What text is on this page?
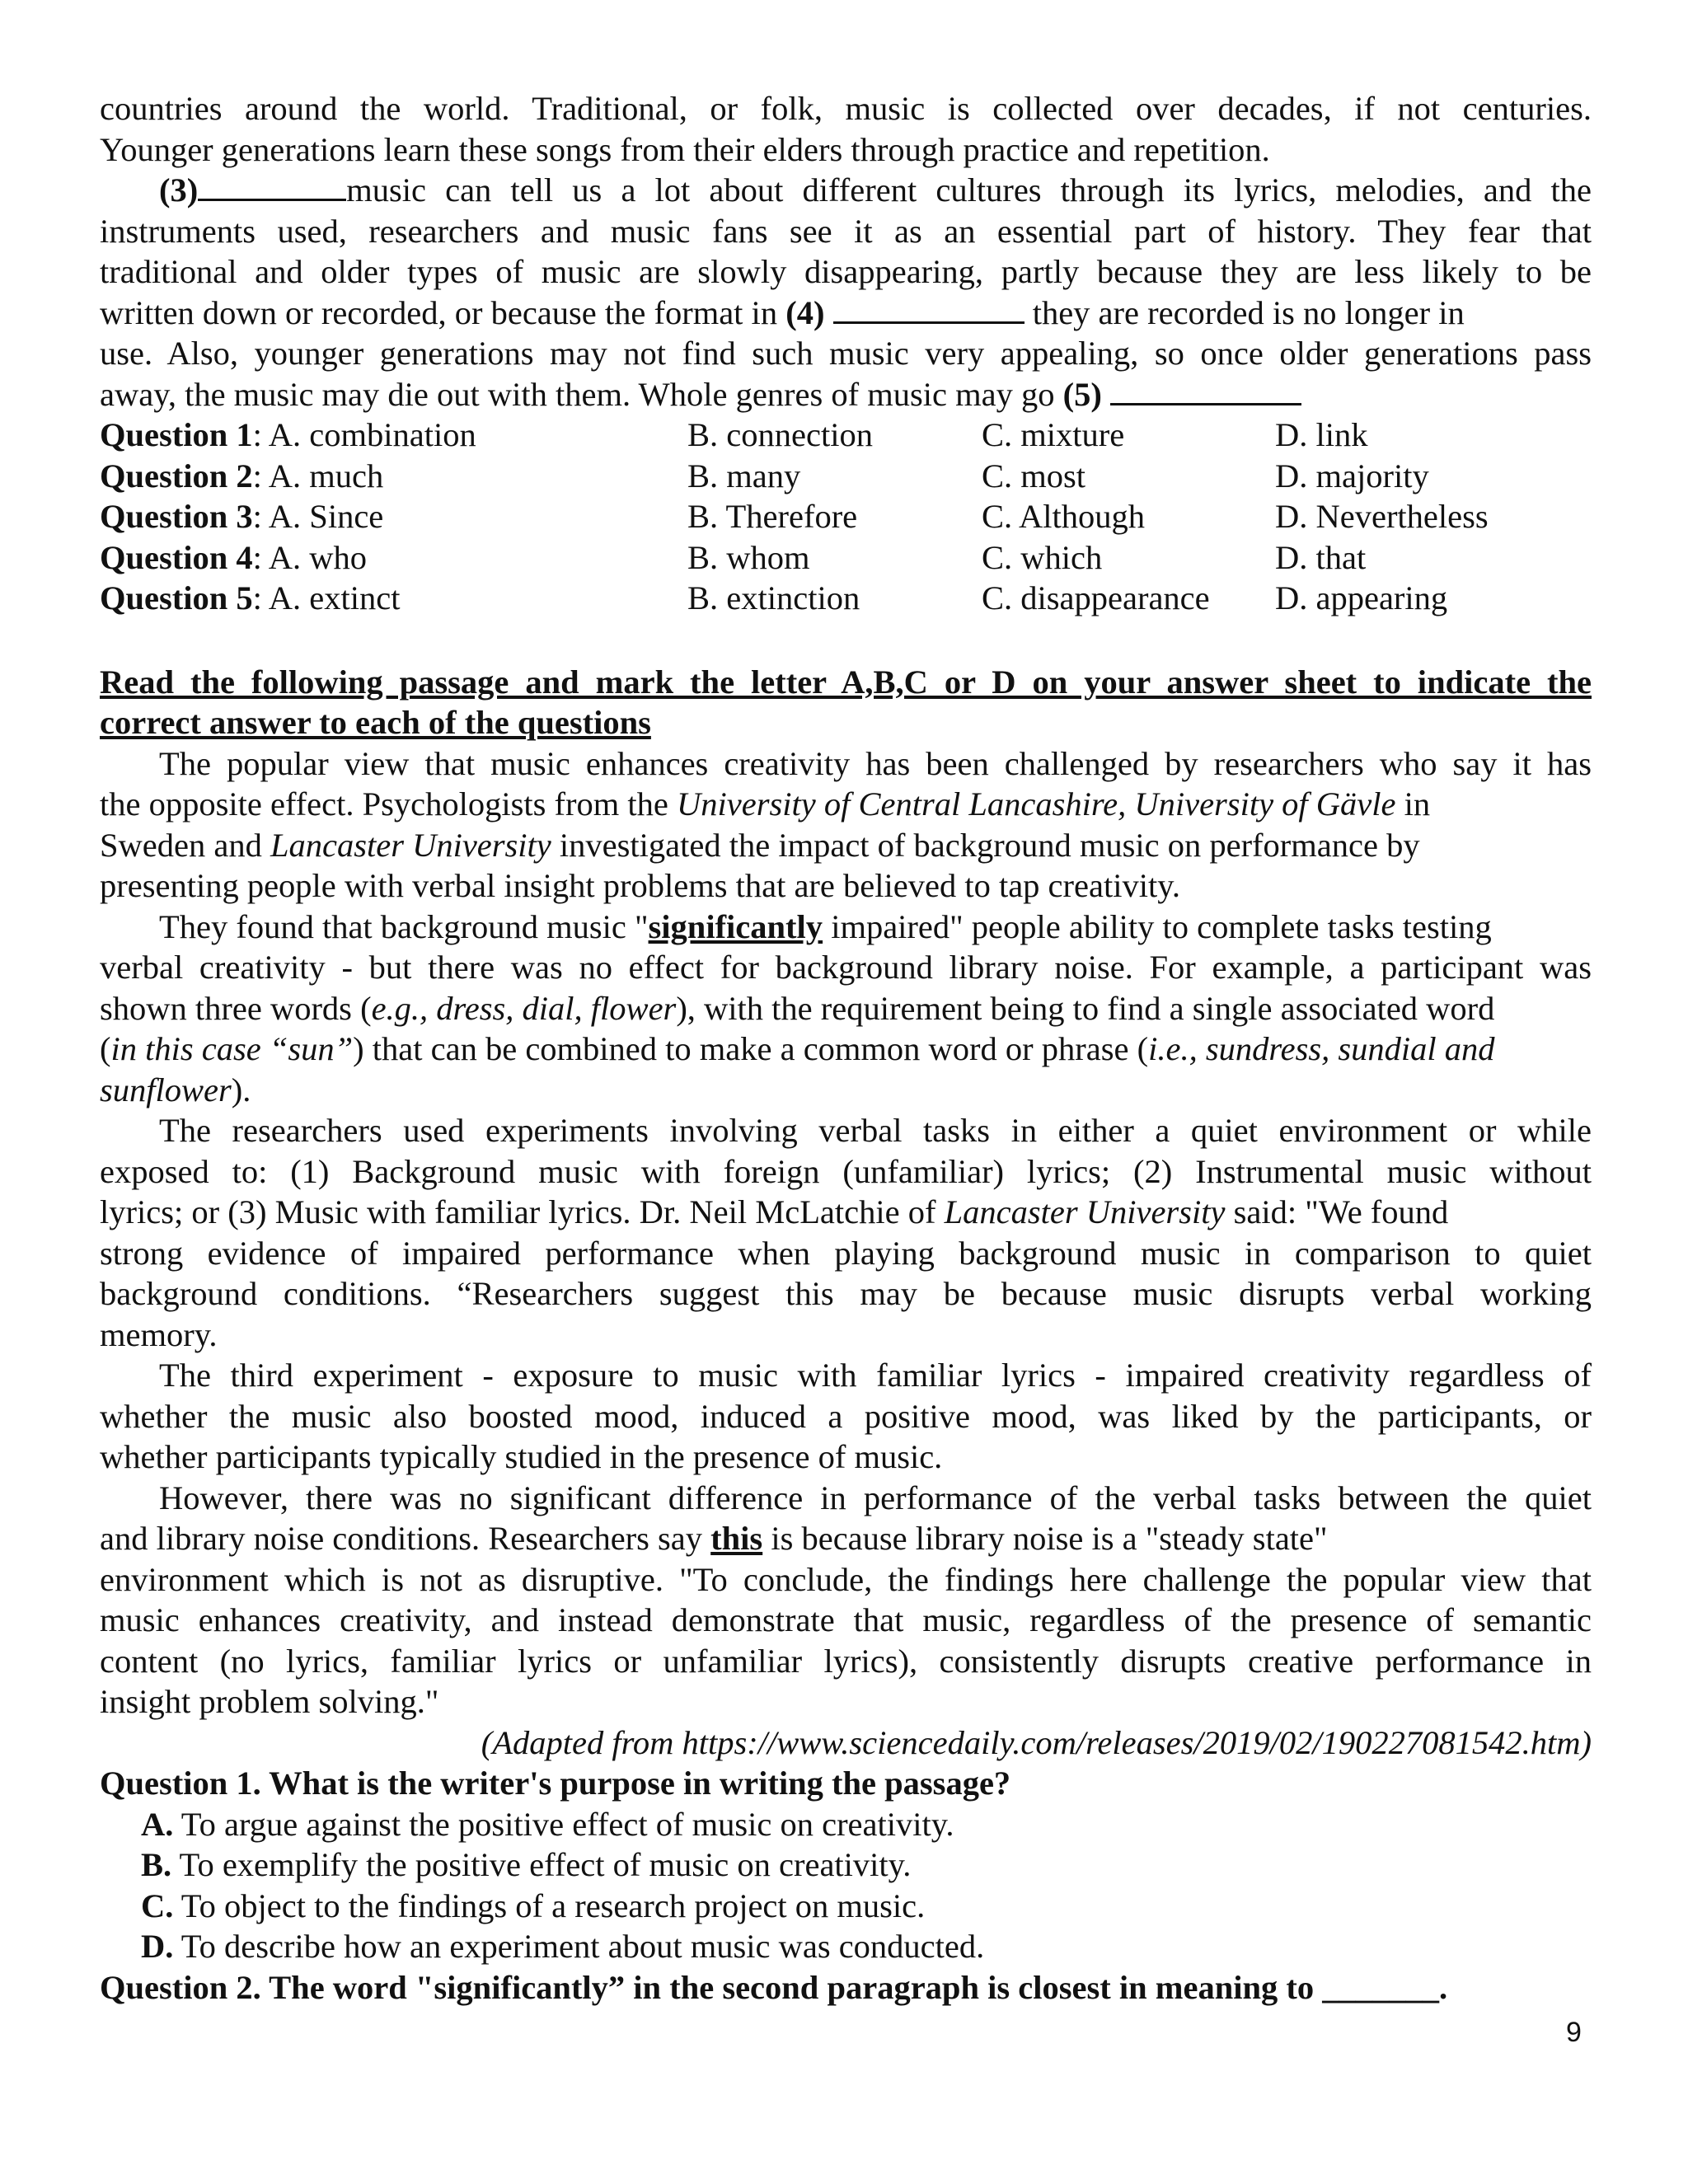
countries around the world. Traditional, or folk, music is collected over decades, if not centuries.
Younger generations learn these songs from their elders through practice and repetition.
(3)	music can tell us a lot about different cultures through its lyrics, melodies, and the
instruments used, researchers and music fans see it as an essential part of history. They fear that
traditional and older types of music are slowly disappearing, partly because they are less likely to be
written down or recorded, or because the format in (4)	they are recorded is no longer in
use. Also, younger generations may not find such music very appealing, so once older generations pass
away, the music may die out with them. Whole genres of music may go (5)
Question 1: A. combination	B. connection	C. mixture	D. link
Question 2: A. much	B. many	C. most	D. majority
Question 3: A. Since	B. Therefore	C. Although	D. Nevertheless
Question 4: A. who	B. whom	C. which	D. that
Question 5: A. extinct	B. extinction	C. disappearance D. appearing
Read the following passage and mark the letter A,B,C or D on your answer sheet to indicate the
correct answer to each of the questions
The popular view that music enhances creativity has been challenged by researchers who say it has
the opposite effect. Psychologists from the University of Central Lancashire, University of Gävle in
Sweden and Lancaster University investigated the impact of background music on performance by
presenting people with verbal insight problems that are believed to tap creativity.
They found that background music "significantly impaired" people ability to complete tasks testing
verbal creativity - but there was no effect for background library noise. For example, a participant was
shown three words (e.g., dress, dial, flower), with the requirement being to find a single associated word
(in this case “sun”) that can be combined to make a common word or phrase (i.e., sundress, sundial and
sunflower).
The researchers used experiments involving verbal tasks in either a quiet environment or while
exposed to: (1) Background music with foreign (unfamiliar) lyrics; (2) Instrumental music without
lyrics; or (3) Music with familiar lyrics. Dr. Neil McLatchie of Lancaster University said: "We found
strong evidence of impaired performance when playing background music in comparison to quiet
background conditions. “Researchers suggest this may be because music disrupts verbal working
memory.
The third experiment - exposure to music with familiar lyrics - impaired creativity regardless of
whether the music also boosted mood, induced a positive mood, was liked by the participants, or
whether participants typically studied in the presence of music.
However, there was no significant difference in performance of the verbal tasks between the quiet
and library noise conditions. Researchers say this is because library noise is a "steady state"
environment which is not as disruptive. "To conclude, the findings here challenge the popular view that
music enhances creativity, and instead demonstrate that music, regardless of the presence of semantic
content (no lyrics, familiar lyrics or unfamiliar lyrics), consistently disrupts creative performance in
insight problem solving."
(Adapted from https://www.sciencedaily.com/releases/2019/02/190227081542.htm)
Question 1. What is the writer's purpose in writing the passage?
A. To argue against the positive effect of music on creativity.
B. To exemplify the positive effect of music on creativity.
C. To object to the findings of a research project on music.
D. To describe how an experiment about music was conducted.
Question 2. The word "significantly” in the second paragraph is closest in meaning to _______.
9
